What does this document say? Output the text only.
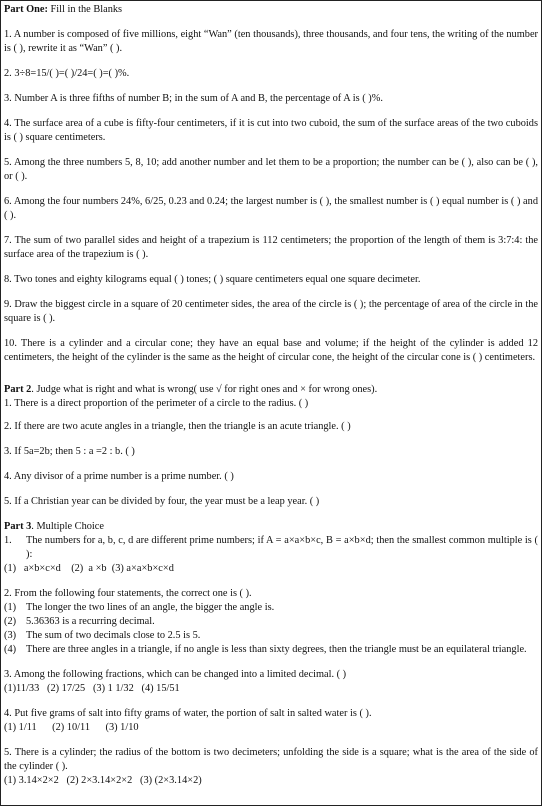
Part One: Fill in the Blanks

1. A number is composed of five millions, eight “Wan” (ten thousands), three thousands, and four tens, the writing of the number is ( ), rewrite it as “Wan” ( ).

2. 3÷8=15/( )=( )/24=( )=( )%.

3. Number A is three fifths of number B; in the sum of A and B, the percentage of A is ( )%.

4. The surface area of a cube is fifty-four centimeters, if it is cut into two cuboid, the sum of the surface areas of the two cuboids is ( ) square centimeters.

5. Among the three numbers 5, 8, 10; add another number and let them to be a proportion; the number can be ( ), also can be ( ), or ( ).

6. Among the four numbers 24%, 6/25, 0.23 and 0.24; the largest number is ( ), the smallest number is ( ) equal number is ( ) and ( ).

7. The sum of two parallel sides and height of a trapezium is 112 centimeters; the proportion of the length of them is 3:7:4: the surface area of the trapezium is ( ).

8. Two tones and eighty kilograms equal ( ) tones; ( ) square centimeters equal one square decimeter.

9. Draw the biggest circle in a square of 20 centimeter sides, the area of the circle is ( ); the percentage of area of the circle in the square is ( ).

10. There is a cylinder and a circular cone; they have an equal base and volume; if the height of the cylinder is added 12 centimeters, the height of the cylinder is the same as the height of circular cone, the height of the circular cone is ( ) centimeters.

Part 2. Judge what is right and what is wrong( use √ for right ones and × for wrong ones).

1. There is a direct proportion of the perimeter of a circle to the radius. ( )

2. If there are two acute angles in a triangle, then the triangle is an acute triangle. ( )

3. If 5a=2b; then 5 : a =2 : b. ( )

4. Any divisor of a prime number is a prime number. ( )

5. If a Christian year can be divided by four, the year must be a leap year. ( )

Part 3. Multiple Choice

1.	The numbers for a, b, c, d are different prime numbers; if A = a×a×b×c, B = a×b×d; then the smallest common multiple is ( ):

(1)   a×b×c×d    (2)  a ×b  (3) a×a×b×c×d

2. From the following four statements, the correct one is ( ).

(1) The longer the two lines of an angle, the bigger the angle is.
(2) 5.36363 is a recurring decimal.
(3) The sum of two decimals close to 2.5 is 5.
(4) There are three angles in a triangle, if no angle is less than sixty degrees, then the triangle must be an equilateral triangle.

3. Among the following fractions, which can be changed into a limited decimal. ( )

(1)11/33   (2) 17/25   (3) 1 1/32   (4) 15/51

4. Put five grams of salt into fifty grams of water, the portion of salt in salted water is ( ).

(1) 1/11      (2) 10/11      (3) 1/10

5. There is a cylinder; the radius of the bottom is two decimeters; unfolding the side is a square; what is the area of the side of the cylinder ( ).

(1) 3.14×2×2   (2) 2×3.14×2×2   (3) (2×3.14×2)
